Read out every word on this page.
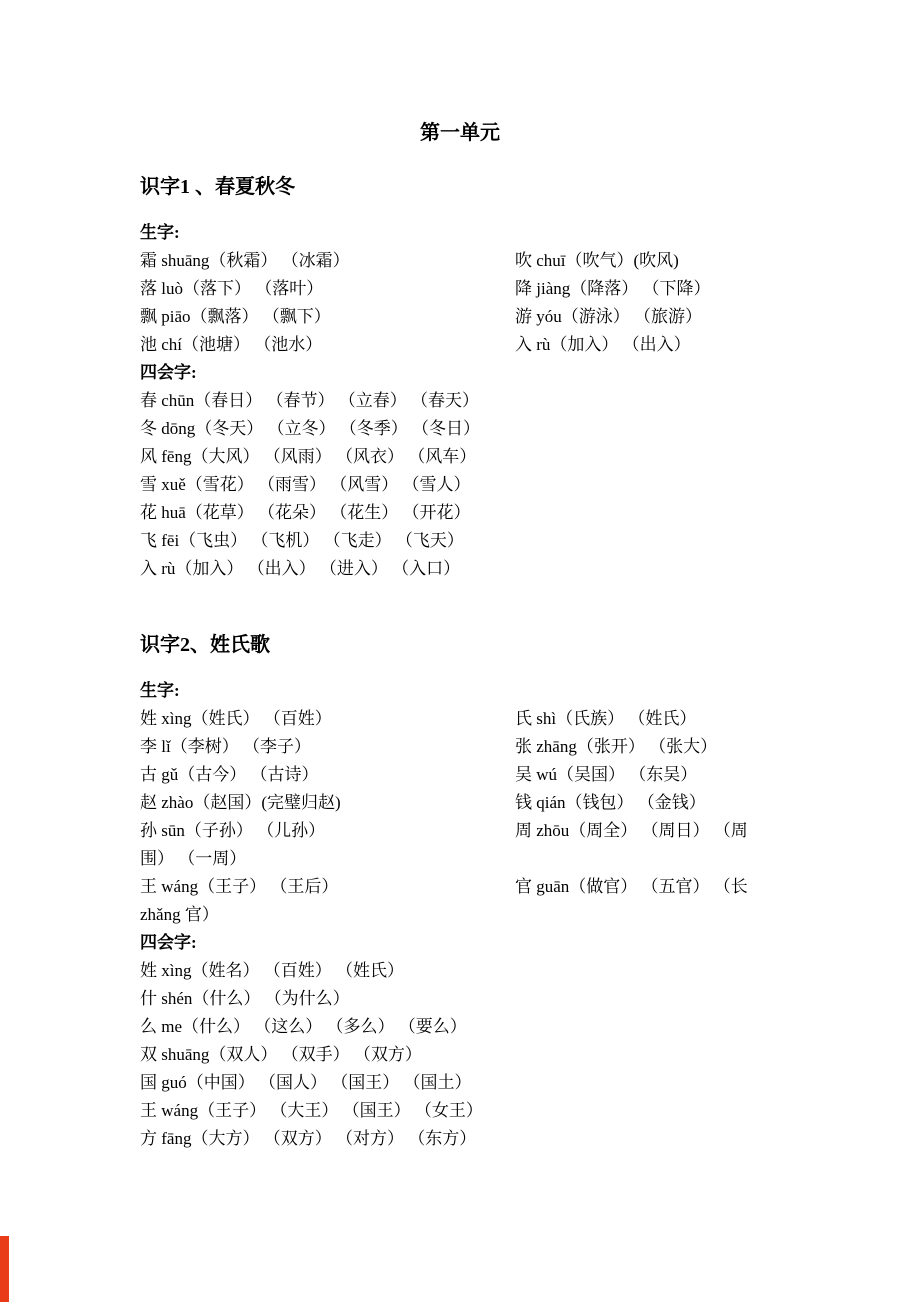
第一单元
识字1 、春夏秋冬

生字:

霜 shuāng（秋霜） （冰霜）	吹 chuī（吹气）(吹风)
落 luò（落下） （落叶）	降 jiàng（降落） （下降）
飘 piāo（飘落） （飘下）	游 yóu（游泳） （旅游）
池 chí（池塘） （池水）	入 rù（加入） （出入）

四会字:

春 chūn（春日） （春节） （立春） （春天）
冬 dōng（冬天） （立冬） （冬季） （冬日）
风 fēng（大风） （风雨） （风衣） （风车）
雪 xuě（雪花） （雨雪） （风雪） （雪人）
花 huā（花草） （花朵） （花生） （开花）
飞 fēi（飞虫） （飞机） （飞走） （飞天）
入 rù（加入） （出入） （进入） （入口）
识字2、姓氏歌

生字:

姓 xìng（姓氏） （百姓）	氏 shì（氏族） （姓氏）
李 lǐ（李树） （李子）	张 zhāng（张开） （张大）
古 gǔ（古今） （古诗）	吴 wú（吴国） （东吴）
赵 zhào（赵国）(完璧归赵)	钱 qián（钱包） （金钱）
孙 sūn（子孙） （儿孙）	周 zhōu（周全） （周日） （周
围） （一周）
王 wáng（王子） （王后）	官 guān（做官） （五官） （长
zhǎng 官）

四会字:

姓 xìng（姓名） （百姓） （姓氏）
什 shén（什么） （为什么）
么 me（什么） （这么） （多么） （要么）
双 shuāng（双人） （双手） （双方）
国 guó（中国） （国人） （国王） （国土）
王 wáng（王子） （大王） （国王） （女王）
方 fāng（大方） （双方） （对方） （东方）
